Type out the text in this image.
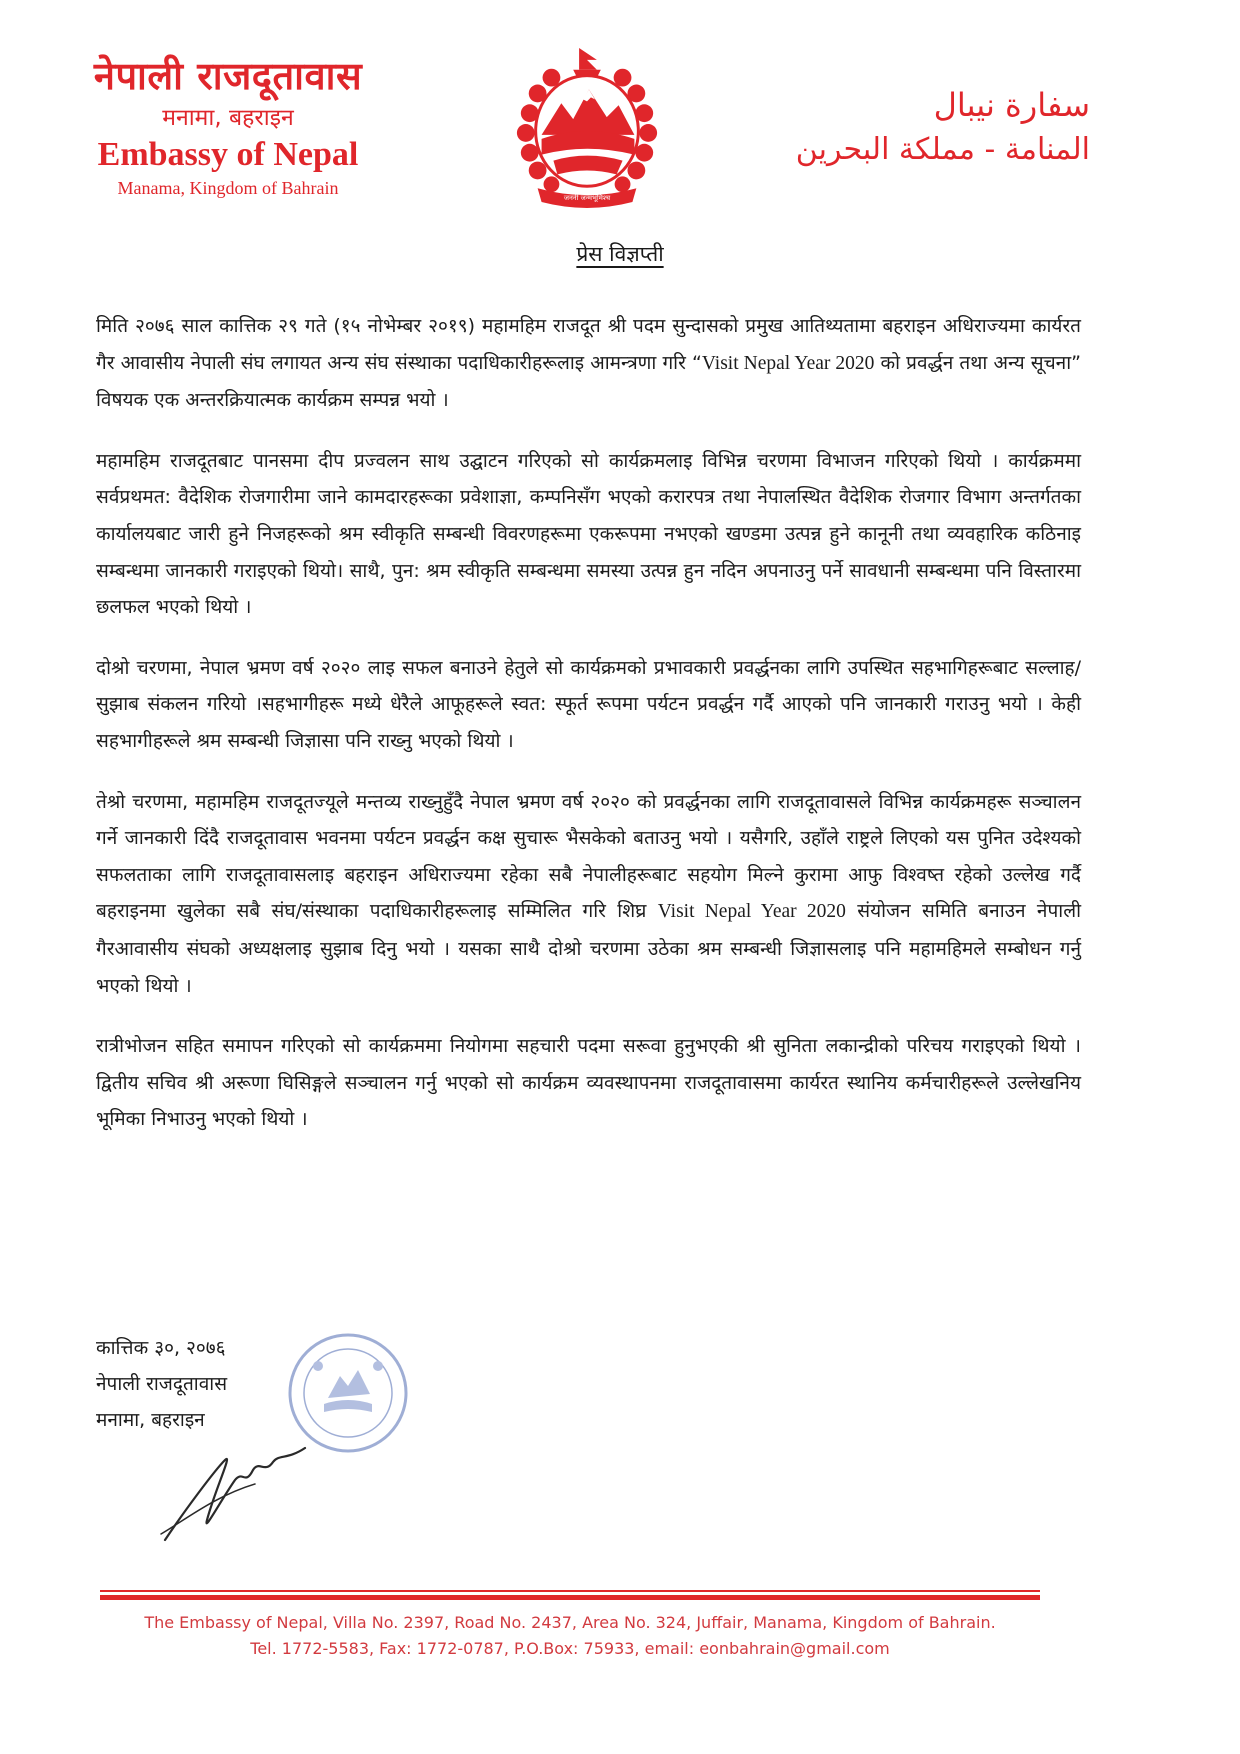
नेपाली राजदूतावास
मनामा, बहराइन
Embassy of Nepal
Manama, Kingdom of Bahrain
जननी जन्मभूमिश्च
سفارة نيبال
المنامة - مملكة البحرين
प्रेस विज्ञप्ती

मिति २०७६ साल कात्तिक २९ गते (१५ नोभेम्बर २०१९) महामहिम राजदूत श्री पदम सुन्दासको प्रमुख आतिथ्यतामा बहराइन अधिराज्यमा कार्यरत गैर आवासीय नेपाली संघ लगायत अन्य संघ संस्थाका पदाधिकारीहरूलाइ आमन्त्रणा गरि “Visit Nepal Year 2020 को प्रवर्द्धन तथा अन्य सूचना” विषयक एक अन्तरक्रियात्मक कार्यक्रम सम्पन्न भयो ।

महामहिम राजदूतबाट पानसमा दीप प्रज्वलन साथ उद्घाटन गरिएको सो कार्यक्रमलाइ विभिन्न चरणमा विभाजन गरिएको थियो । कार्यक्रममा सर्वप्रथमत: वैदेशिक रोजगारीमा जाने कामदारहरूका प्रवेशाज्ञा, कम्पनिसँग भएको करारपत्र तथा नेपालस्थित वैदेशिक रोजगार विभाग अन्तर्गतका कार्यालयबाट जारी हुने निजहरूको श्रम स्वीकृति सम्बन्धी विवरणहरूमा एकरूपमा नभएको खण्डमा उत्पन्न हुने कानूनी तथा व्यवहारिक कठिनाइ सम्बन्धमा जानकारी गराइएको थियो। साथै, पुन: श्रम स्वीकृति सम्बन्धमा समस्या उत्पन्न हुन नदिन अपनाउनु पर्ने सावधानी सम्बन्धमा पनि विस्तारमा छलफल भएको थियो ।

दोश्रो चरणमा, नेपाल भ्रमण वर्ष २०२० लाइ सफल बनाउने हेतुले सो कार्यक्रमको प्रभावकारी प्रवर्द्धनका लागि उपस्थित सहभागिहरूबाट सल्लाह/सुझाब संकलन गरियो ।सहभागीहरू मध्ये धेरैले आफूहरूले स्वत: स्फूर्त रूपमा पर्यटन प्रवर्द्धन गर्दै आएको पनि जानकारी गराउनु भयो । केही सहभागीहरूले श्रम सम्बन्धी जिज्ञासा पनि राख्नु भएको थियो ।

तेश्रो चरणमा, महामहिम राजदूतज्यूले मन्तव्य राख्नुहुँदै नेपाल भ्रमण वर्ष २०२० को प्रवर्द्धनका लागि राजदूतावासले विभिन्न कार्यक्रमहरू सञ्चालन गर्ने जानकारी दिंदै राजदूतावास भवनमा पर्यटन प्रवर्द्धन कक्ष सुचारू भैसकेको बताउनु भयो । यसैगरि, उहाँले राष्ट्रले लिएको यस पुनित उदेश्यको सफलताका लागि राजदूतावासलाइ बहराइन अधिराज्यमा रहेका सबै नेपालीहरूबाट सहयोग मिल्ने कुरामा आफु विश्वष्त रहेको उल्लेख गर्दै बहराइनमा खुलेका सबै संघ/संस्थाका पदाधिकारीहरूलाइ सम्मिलित गरि शिघ्र Visit Nepal Year 2020 संयोजन समिति बनाउन नेपाली गैरआवासीय संघको अध्यक्षलाइ सुझाब दिनु भयो । यसका साथै दोश्रो चरणमा उठेका श्रम सम्बन्धी जिज्ञासलाइ पनि महामहिमले सम्बोधन गर्नु भएको थियो ।

रात्रीभोजन सहित समापन गरिएको सो कार्यक्रममा नियोगमा सहचारी पदमा सरूवा हुनुभएकी श्री सुनिता लकान्द्रीको परिचय गराइएको थियो । द्वितीय सचिव श्री अरूणा घिसिङ्गले सञ्चालन गर्नु भएको सो कार्यक्रम व्यवस्थापनमा राजदूतावासमा कार्यरत स्थानिय कर्मचारीहरूले उल्लेखनिय भूमिका निभाउनु भएको थियो ।

कात्तिक ३०, २०७६
नेपाली राजदूतावास
मनामा, बहराइन
The Embassy of Nepal, Villa No. 2397, Road No. 2437, Area No. 324, Juffair, Manama, Kingdom of Bahrain.
Tel. 1772-5583, Fax: 1772-0787, P.O.Box: 75933, email: eonbahrain@gmail.com
